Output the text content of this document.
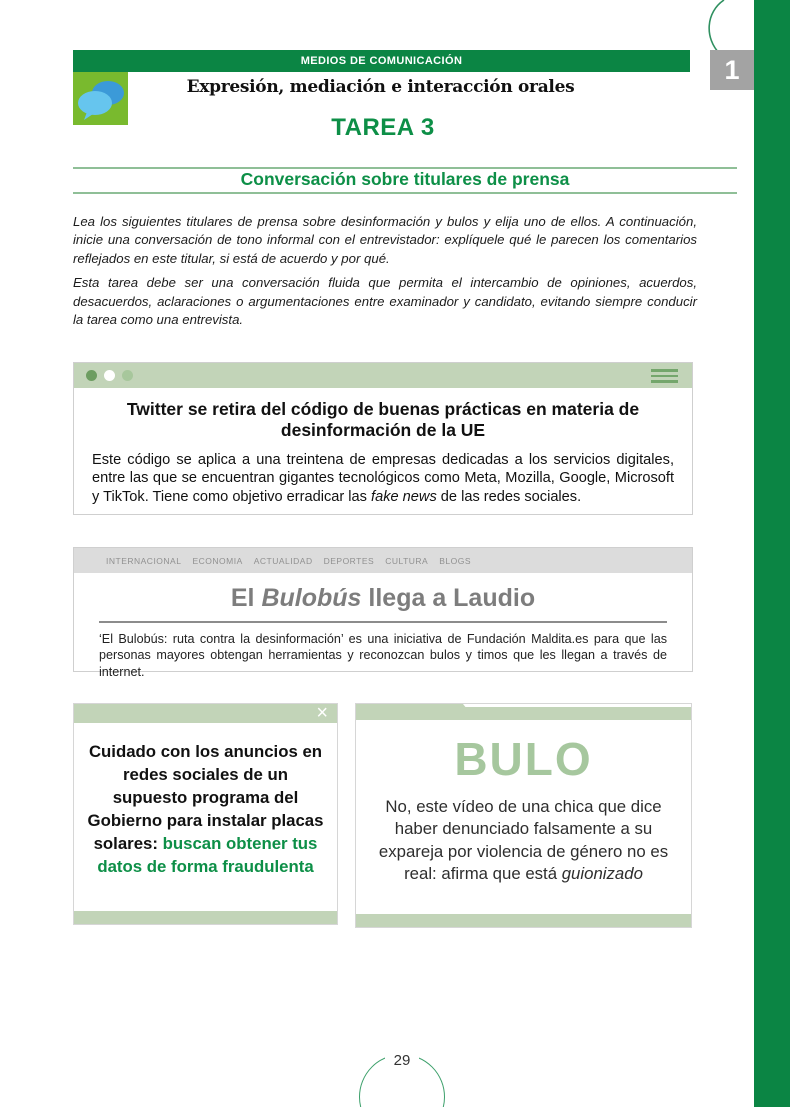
1
MEDIOS DE COMUNICACIÓN
Expresión, mediación e interacción orales
TAREA 3
Conversación sobre titulares de prensa

Lea los siguientes titulares de prensa sobre desinformación y bulos y elija uno de ellos. A continuación, inicie una conversación de tono informal con el entrevistador: explíquele qué le parecen los comentarios reflejados en este titular, si está de acuerdo y por qué.

Esta tarea debe ser una conversación fluida que permita el intercambio de opiniones, acuerdos, desacuerdos, aclaraciones o argumentaciones entre examinador y candidato, evitando siempre conducir la tarea como una entrevista.

Twitter se retira del código de buenas prácticas en materia de desinformación de la UE
Este código se aplica a una treintena de empresas dedicadas a los servicios digitales, entre las que se encuentran gigantes tecnológicos como Meta, Mozilla, Google, Microsoft y TikTok. Tiene como objetivo erradicar las fake news de las redes sociales.
INTERNACIONAL ECONOMIA ACTUALIDAD DEPORTES CULTURA BLOGS
El Bulobús llega a Laudio
‘El Bulobús: ruta contra la desinformación’ es una iniciativa de Fundación Maldita.es para que las personas mayores obtengan herramientas y reconozcan bulos y timos que les llegan a través de internet.
×
Cuidado con los anuncios en redes sociales de un supuesto programa del Gobierno para instalar placas solares: buscan obtener tus datos de forma fraudulenta
BULO
No, este vídeo de una chica que dice haber denunciado falsamente a su expareja por violencia de género no es real: afirma que está guionizado
29
